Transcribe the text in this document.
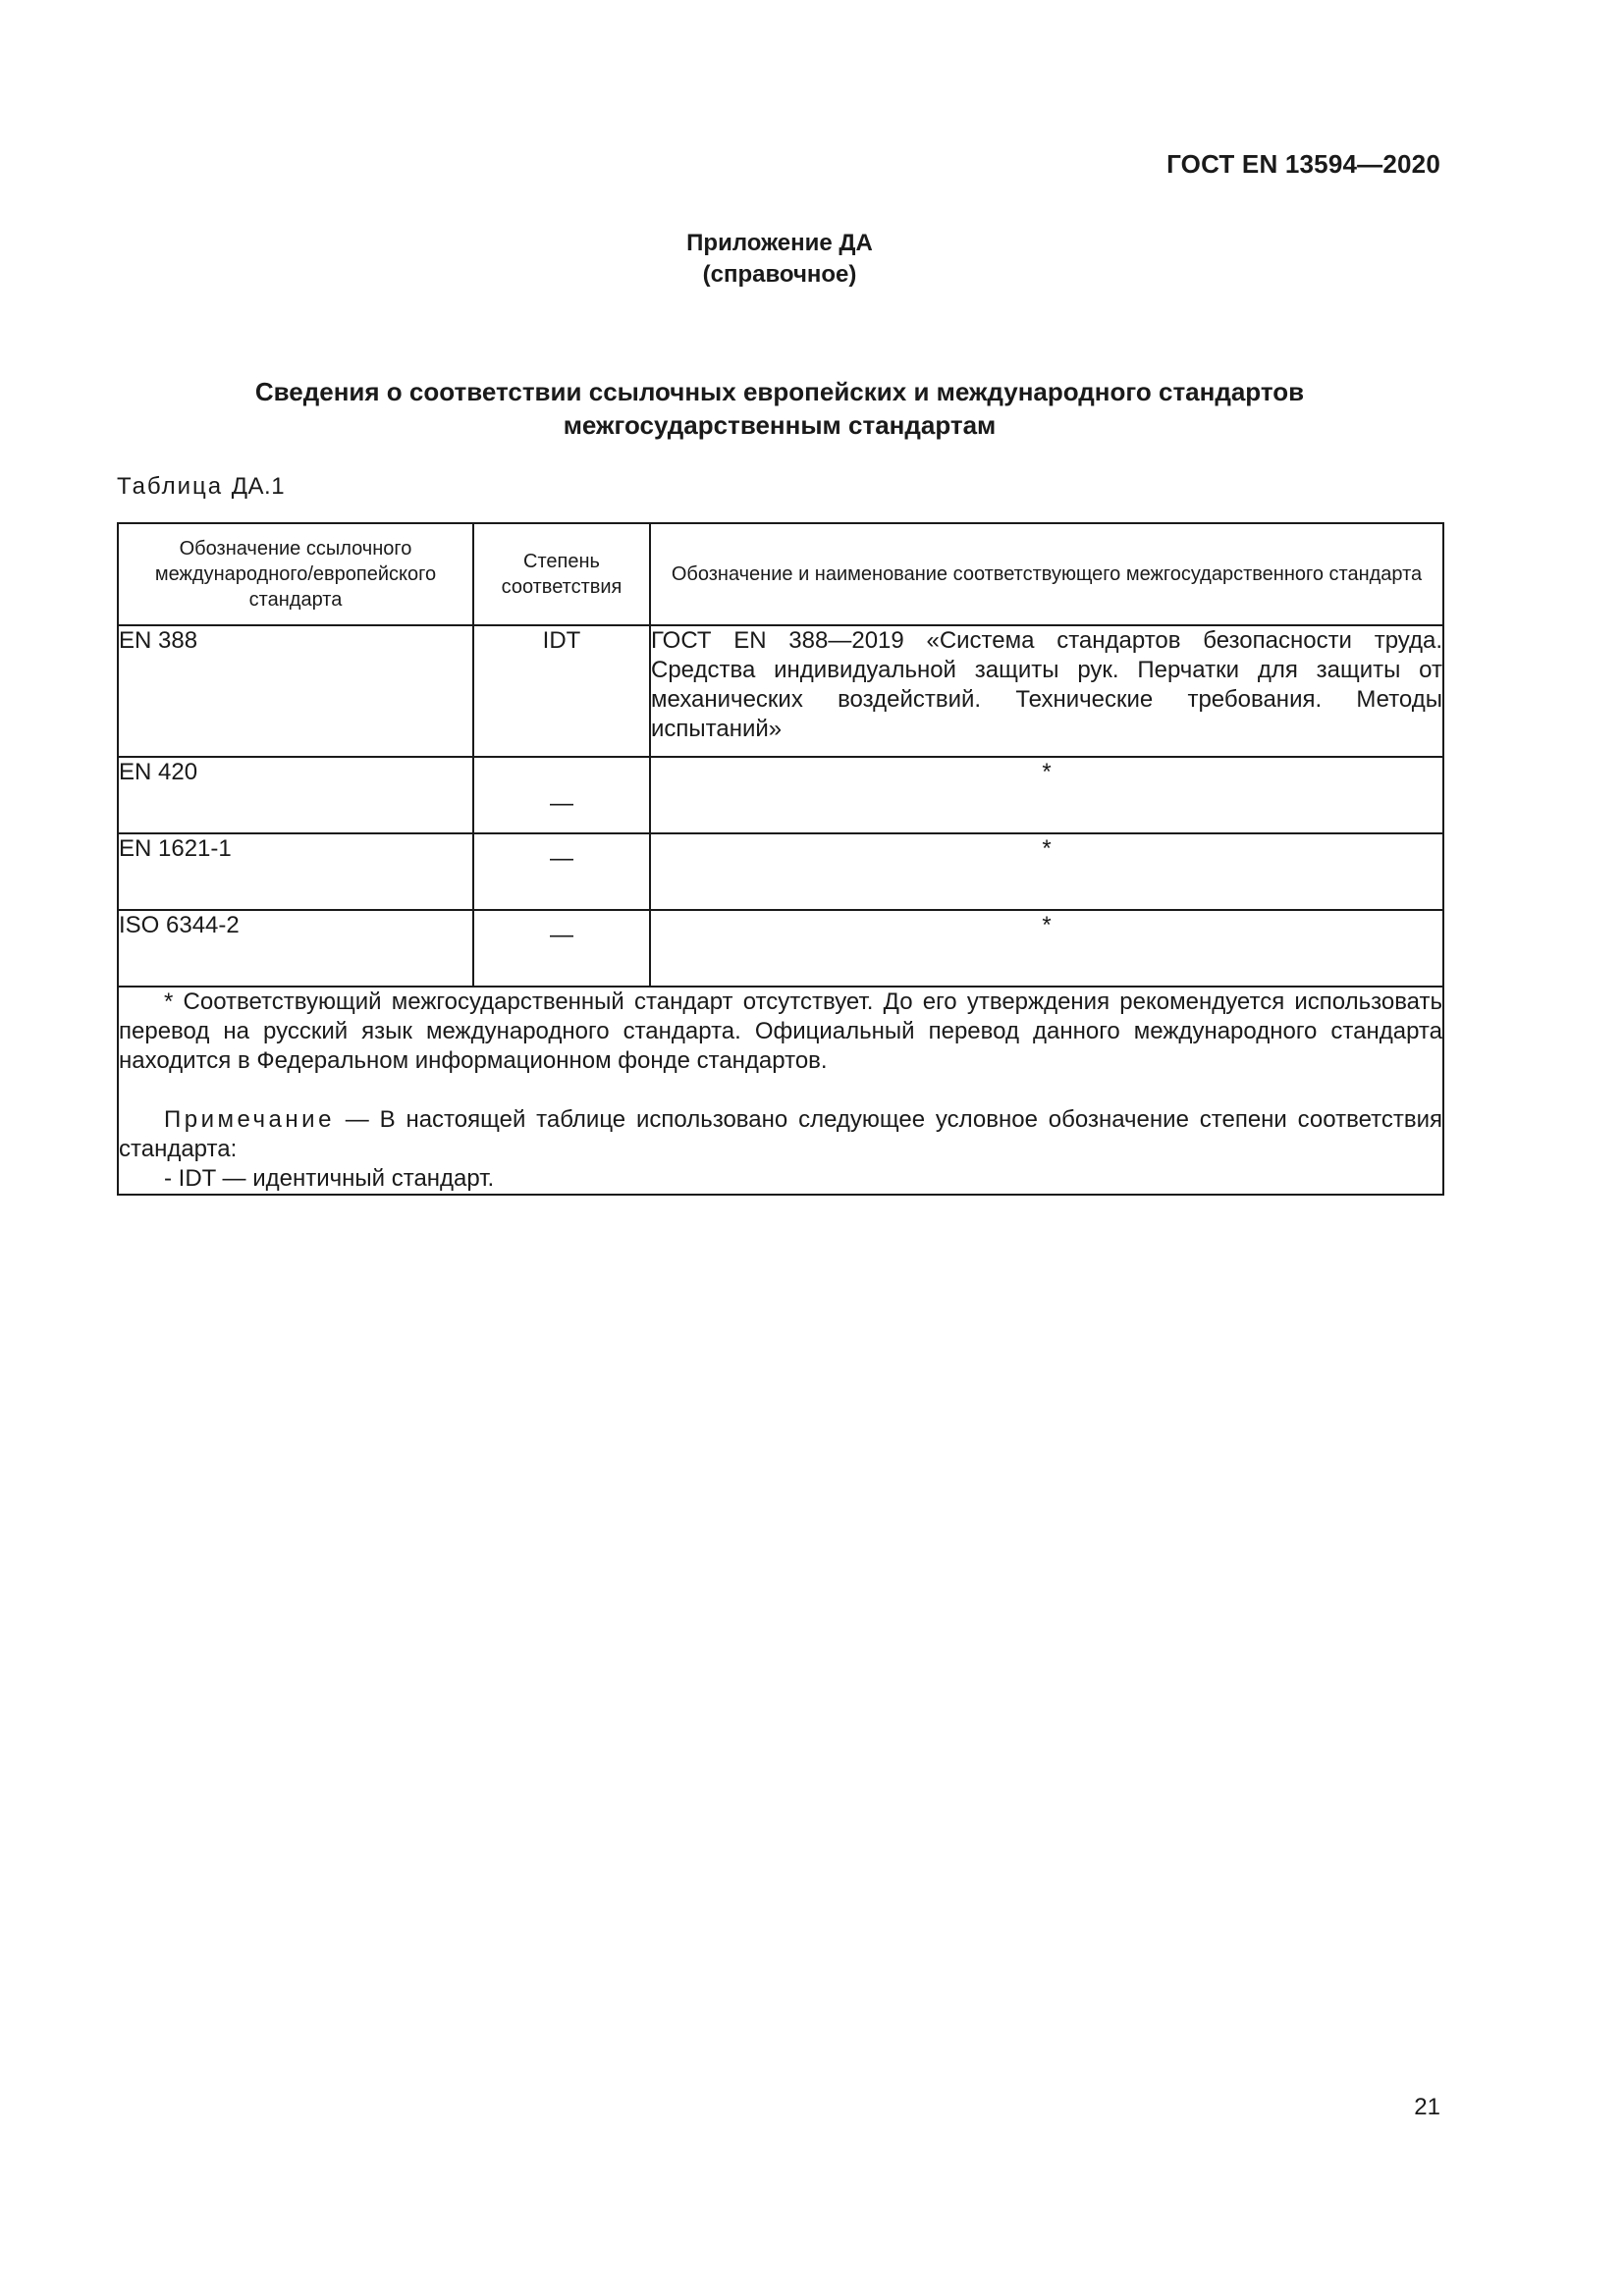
ГОСТ EN 13594—2020
Приложение ДА
(справочное)
Сведения о соответствии ссылочных европейских и международного стандартов
межгосударственным стандартам
Таблица ДА.1
Обозначение ссылочного международного/европейского стандарта	Степень соответствия	Обозначение и наименование соответствующего межгосударственного стандарта
EN 388	IDT	ГОСТ EN 388—2019 «Система стандартов безопасности труда. Средства индивидуальной защиты рук. Перчатки для защиты от механических воздействий. Технические требования. Методы испытаний»
EN 420	—	*
EN 1621-1	—	*
ISO 6344-2	—	*

* Соответствующий межгосударственный стандарт отсутствует. До его утверждения рекомендуется использовать перевод на русский язык международного стандарта. Официальный перевод данного международного стандарта находится в Федеральном информационном фонде стандартов.

Примечание — В настоящей таблице использовано следующее условное обозначение степени соответствия стандарта:

- IDT — идентичный стандарт.		

21
